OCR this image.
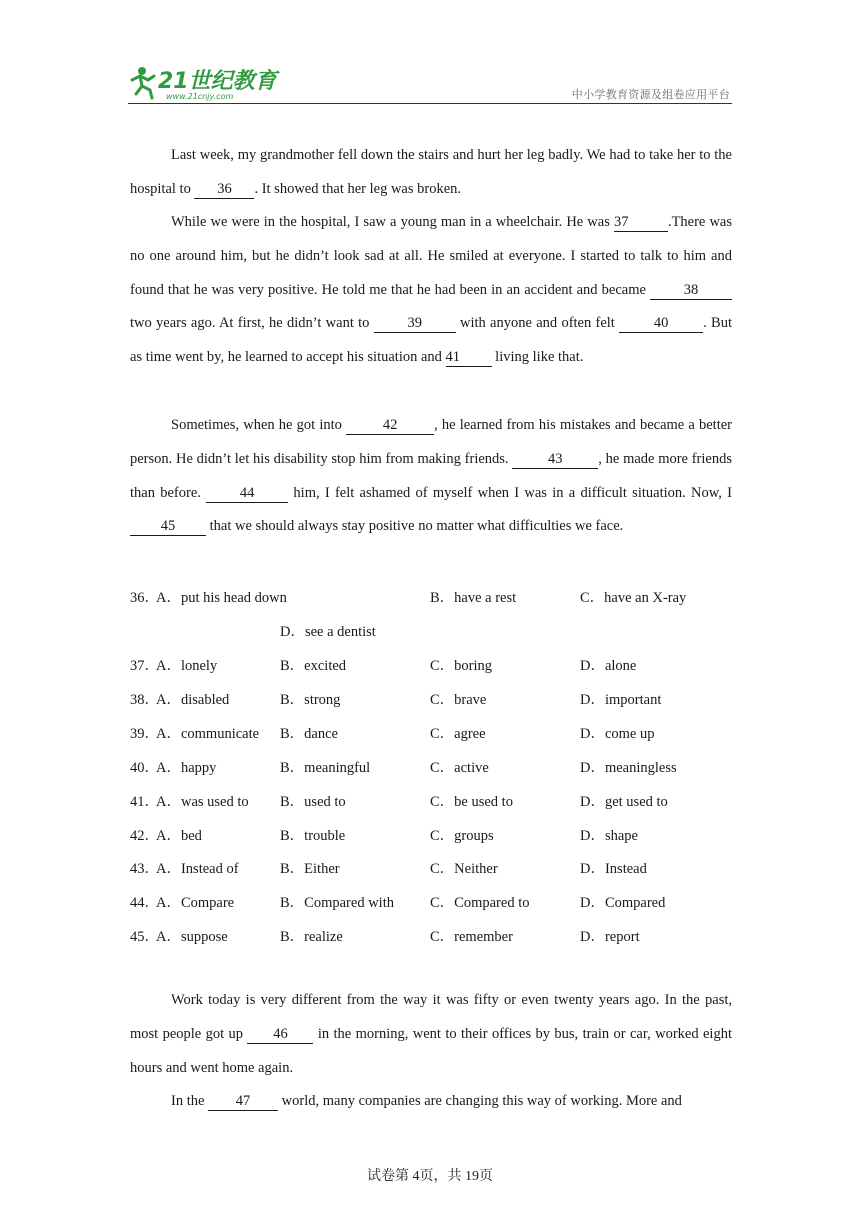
21世纪教育
www.21cnjy.com	中小学教育资源及组卷应用平台

Last week, my grandmother fell down the stairs and hurt her leg badly. We had to take her to the hospital to 36 . It showed that her leg was broken.

While we were in the hospital, I saw a young man in a wheelchair. He was 37	.There was no one around him, but he didn’t look sad at all. He smiled at everyone. I started to talk to him and found that he was very positive. He told me that he had been in an accident and became 38 two years ago. At first, he didn’t want to 39 with anyone and often felt 40 . But as time went by, he learned to accept his situation and 41 living like that.

Sometimes, when he got into	42	, he learned from his mistakes and became a better person. He didn’t let his disability stop him from making friends. 43 , he made more friends than before. 44 him, I felt ashamed of myself when I was in a difficult situation. Now, I 45 that we should always stay positive no matter what difficulties we face.

36．
A．put his head down	B．have a rest	C．have an X-ray
D．see a dentist
37．
A．lonely	B．excited	C．boring	D．alone
38．
A．disabled	B．strong	C．brave	D．important
39．
A．communicate B．dance	C．agree	D．come up
40．
A．happy	B．meaningful	C．active	D．meaningless
41．
A．was used to B．used to	C．be used to	D．get used to
42．
A．bed	B．trouble	C．groups	D．shape
43．
A．Instead of	B．Either	C．Neither	D．Instead
44．
A．Compare	B．Compared with C．Compared to	D．Compared
45．
A．suppose	B．realize	C．remember	D．report

Work today is very different from the way it was fifty or even twenty years ago. In the past, most people got up 46 in the morning, went to their offices by bus, train or car, worked eight hours and went home again.

In the 47 world, many companies are changing this way of working. More and

试卷第 4页，共 19页
